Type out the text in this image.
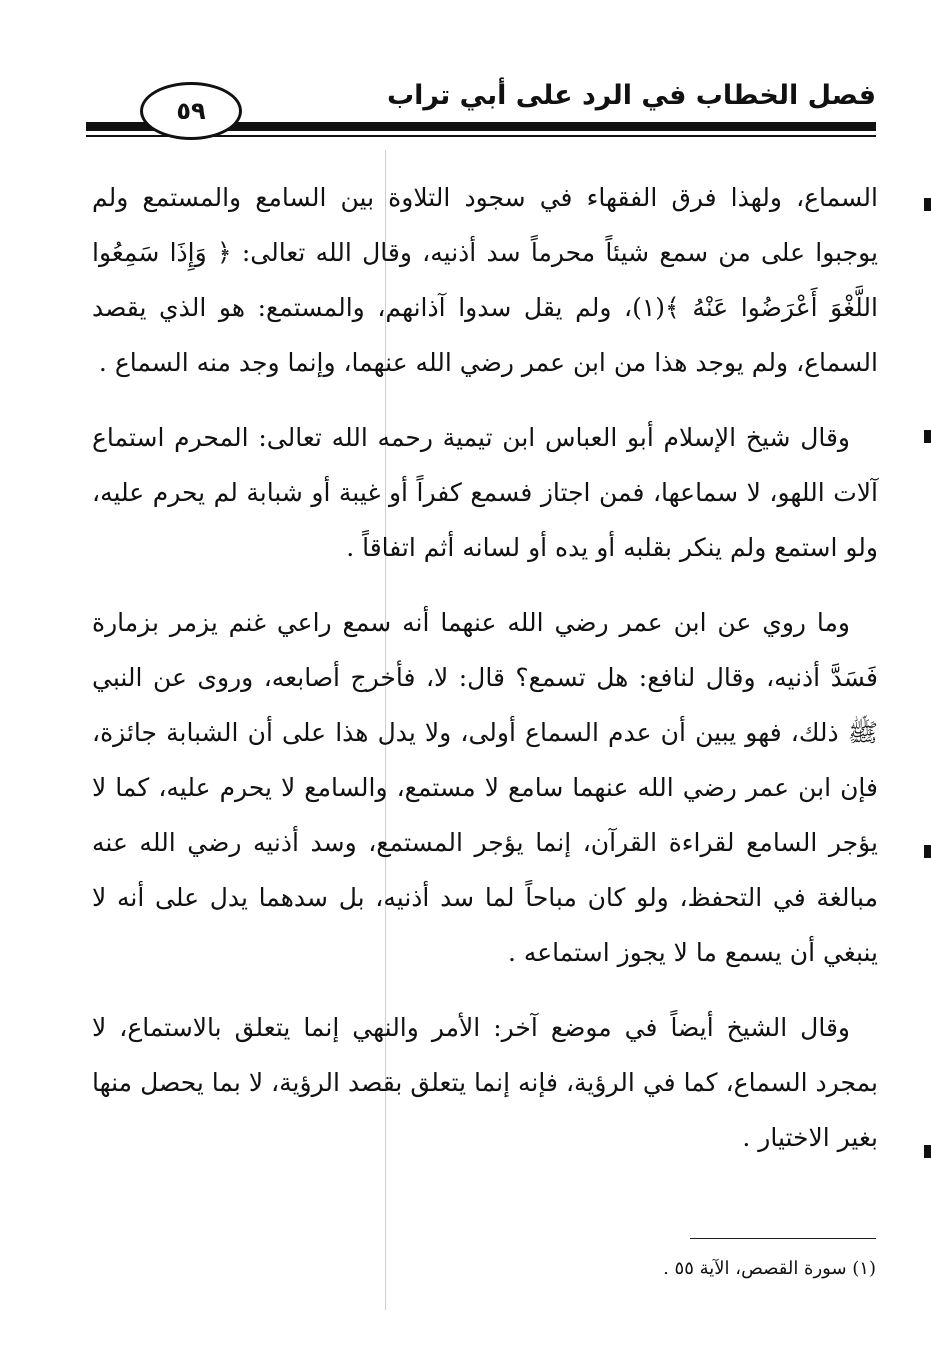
فصل الخطاب في الرد على أبي تراب
٥٩

السماع، ولهذا فرق الفقهاء في سجود التلاوة بين السامع والمستمع ولم يوجبوا على من سمع شيئاً محرماً سد أذنيه، وقال الله تعالى: ﴿ وَإِذَا سَمِعُوا اللَّغْوَ أَعْرَضُوا عَنْهُ ﴾(١)، ولم يقل سدوا آذانهم، والمستمع: هو الذي يقصد السماع، ولم يوجد هذا من ابن عمر رضي الله عنهما، وإنما وجد منه السماع .

وقال شيخ الإسلام أبو العباس ابن تيمية رحمه الله تعالى: المحرم استماع آلات اللهو، لا سماعها، فمن اجتاز فسمع كفراً أو غيبة أو شبابة لم يحرم عليه، ولو استمع ولم ينكر بقلبه أو يده أو لسانه أثم اتفاقاً .

وما روي عن ابن عمر رضي الله عنهما أنه سمع راعي غنم يزمر بزمارة فَسَدَّ أذنيه، وقال لنافع: هل تسمع؟ قال: لا، فأخرج أصابعه، وروى عن النبي ﷺ ذلك، فهو يبين أن عدم السماع أولى، ولا يدل هذا على أن الشبابة جائزة، فإن ابن عمر رضي الله عنهما سامع لا مستمع، والسامع لا يحرم عليه، كما لا يؤجر السامع لقراءة القرآن، إنما يؤجر المستمع، وسد أذنيه رضي الله عنه مبالغة في التحفظ، ولو كان مباحاً لما سد أذنيه، بل سدهما يدل على أنه لا ينبغي أن يسمع ما لا يجوز استماعه .

وقال الشيخ أيضاً في موضع آخر: الأمر والنهي إنما يتعلق بالاستماع، لا بمجرد السماع، كما في الرؤية، فإنه إنما يتعلق بقصد الرؤية، لا بما يحصل منها بغير الاختيار .

(١) سورة القصص، الآية ٥٥ .
